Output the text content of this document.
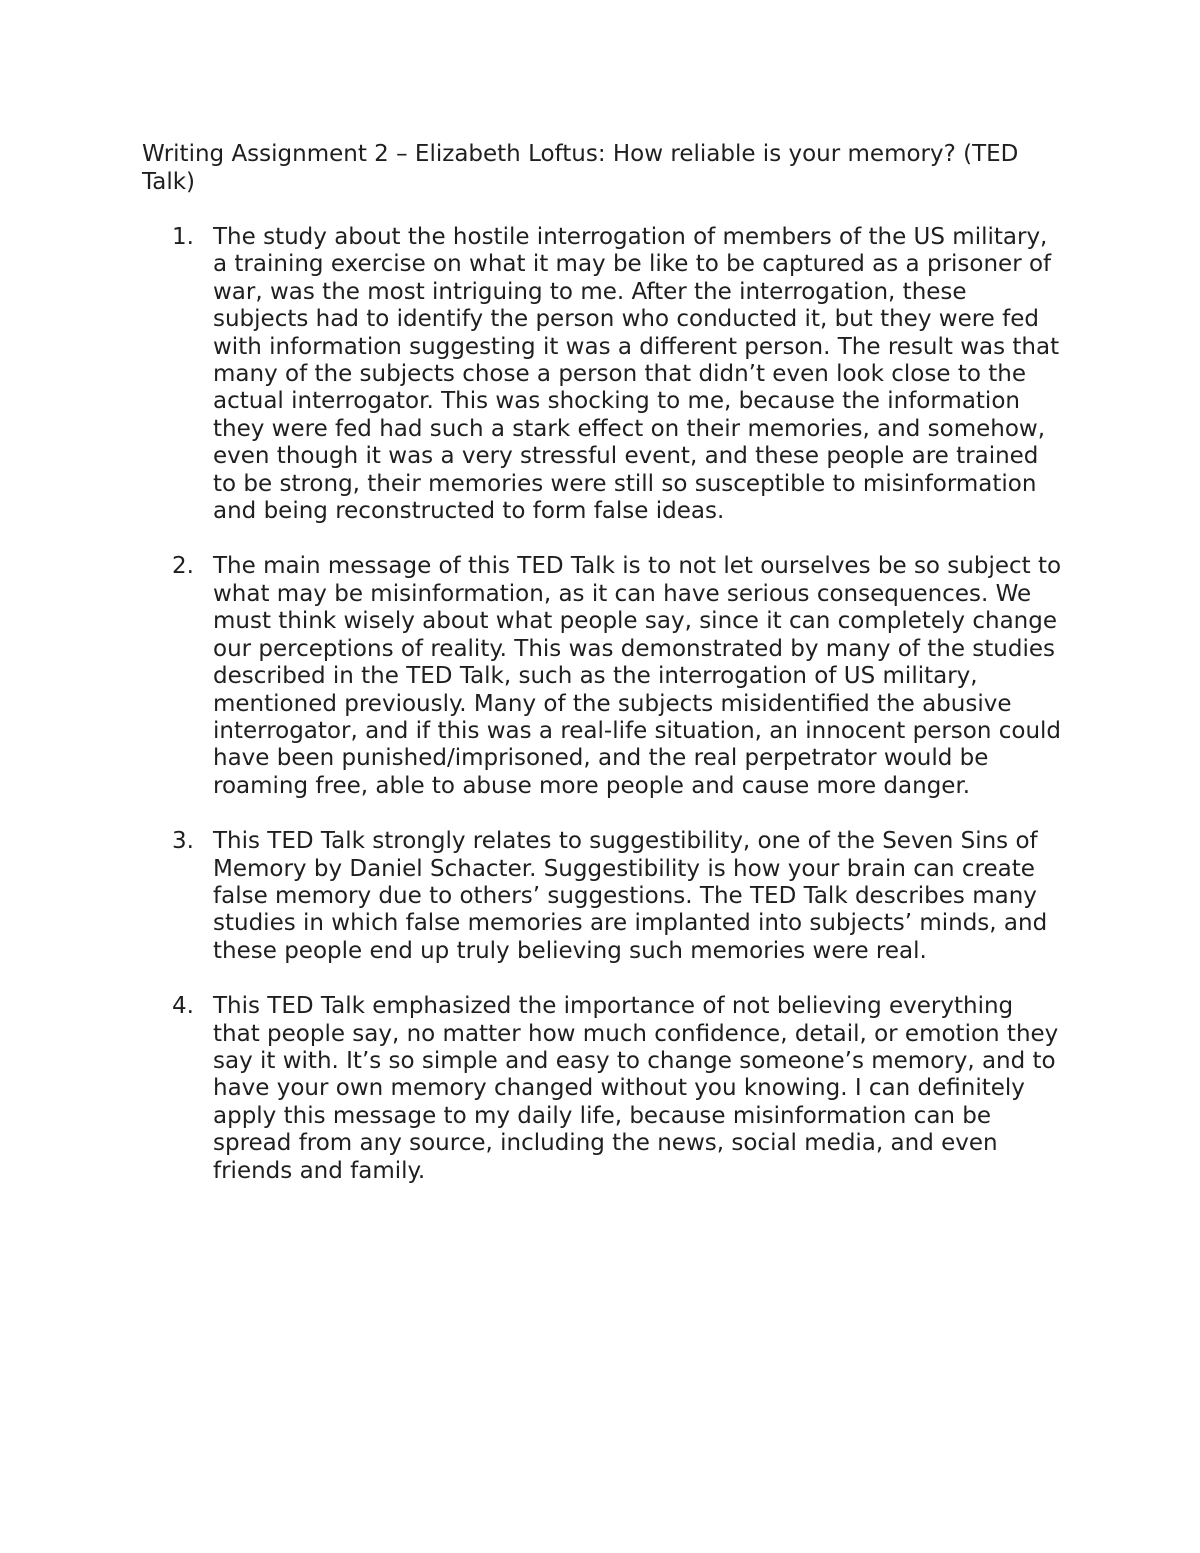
Writing Assignment 2 – Elizabeth Loftus: How reliable is your memory? (TED Talk)
1. The study about the hostile interrogation of members of the US military, a training exercise on what it may be like to be captured as a prisoner of war, was the most intriguing to me. After the interrogation, these subjects had to identify the person who conducted it, but they were fed with information suggesting it was a different person. The result was that many of the subjects chose a person that didn’t even look close to the actual interrogator. This was shocking to me, because the information they were fed had such a stark effect on their memories, and somehow, even though it was a very stressful event, and these people are trained to be strong, their memories were still so susceptible to misinformation and being reconstructed to form false ideas.
2. The main message of this TED Talk is to not let ourselves be so subject to what may be misinformation, as it can have serious consequences. We must think wisely about what people say, since it can completely change our perceptions of reality. This was demonstrated by many of the studies described in the TED Talk, such as the interrogation of US military, mentioned previously. Many of the subjects misidentified the abusive interrogator, and if this was a real-life situation, an innocent person could have been punished/imprisoned, and the real perpetrator would be roaming free, able to abuse more people and cause more danger.
3. This TED Talk strongly relates to suggestibility, one of the Seven Sins of Memory by Daniel Schacter. Suggestibility is how your brain can create false memory due to others’ suggestions. The TED Talk describes many studies in which false memories are implanted into subjects’ minds, and these people end up truly believing such memories were real.
4. This TED Talk emphasized the importance of not believing everything that people say, no matter how much confidence, detail, or emotion they say it with. It’s so simple and easy to change someone’s memory, and to have your own memory changed without you knowing. I can definitely apply this message to my daily life, because misinformation can be spread from any source, including the news, social media, and even friends and family.
